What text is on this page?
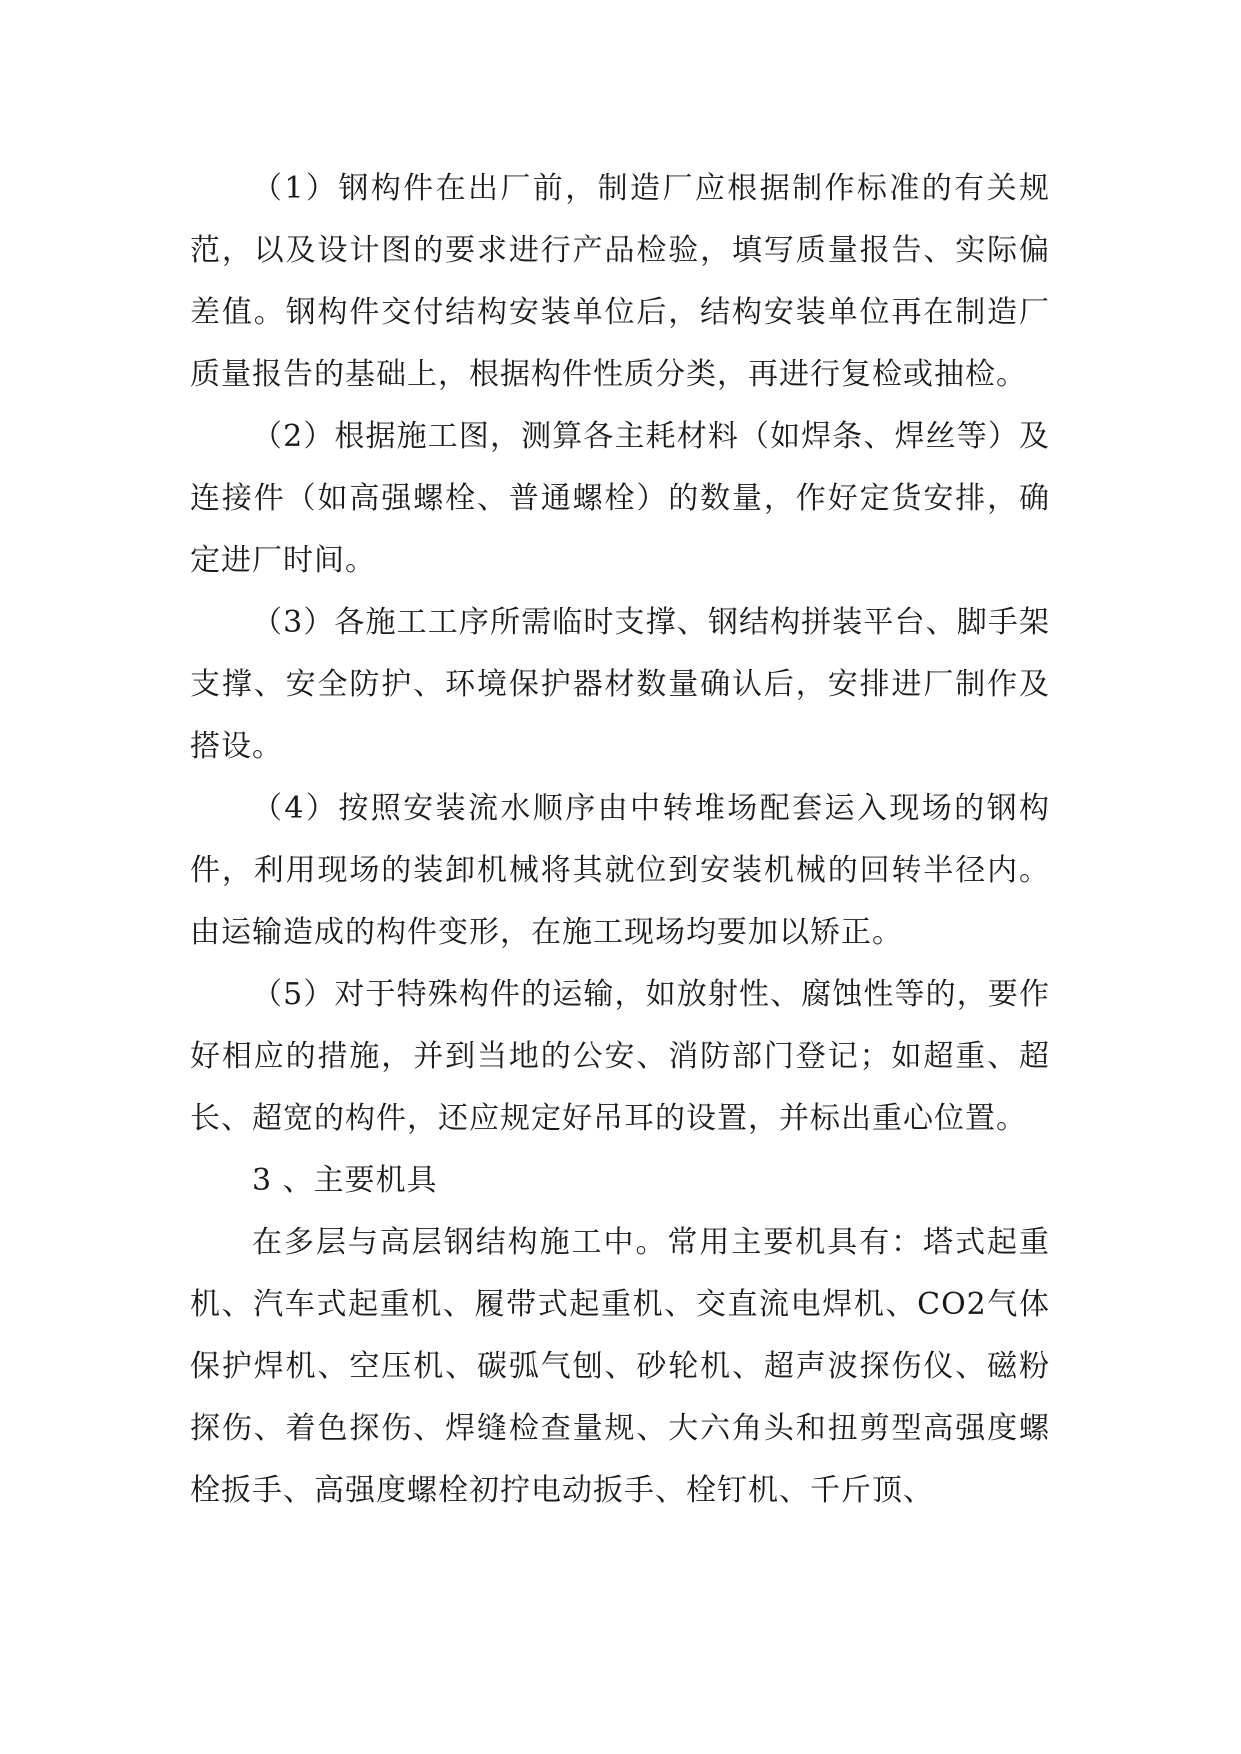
（1）钢构件在出厂前，制造厂应根据制作标准的有关规范，以及设计图的要求进行产品检验，填写质量报告、实际偏差值。钢构件交付结构安装单位后，结构安装单位再在制造厂质量报告的基础上，根据构件性质分类，再进行复检或抽检。

（2）根据施工图，测算各主耗材料（如焊条、焊丝等）及连接件（如高强螺栓、普通螺栓）的数量，作好定货安排，确定进厂时间。

（3）各施工工序所需临时支撑、钢结构拼装平台、脚手架支撑、安全防护、环境保护器材数量确认后，安排进厂制作及搭设。

（4）按照安装流水顺序由中转堆场配套运入现场的钢构件，利用现场的装卸机械将其就位到安装机械的回转半径内。由运输造成的构件变形，在施工现场均要加以矫正。

（5）对于特殊构件的运输，如放射性、腐蚀性等的，要作好相应的措施，并到当地的公安、消防部门登记；如超重、超长、超宽的构件，还应规定好吊耳的设置，并标出重心位置。

3 、主要机具

在多层与高层钢结构施工中。常用主要机具有：塔式起重机、汽车式起重机、履带式起重机、交直流电焊机、CO2气体保护焊机、空压机、碳弧气刨、砂轮机、超声波探伤仪、磁粉探伤、着色探伤、焊缝检查量规、大六角头和扭剪型高强度螺栓扳手、高强度螺栓初拧电动扳手、栓钉机、千斤顶、
